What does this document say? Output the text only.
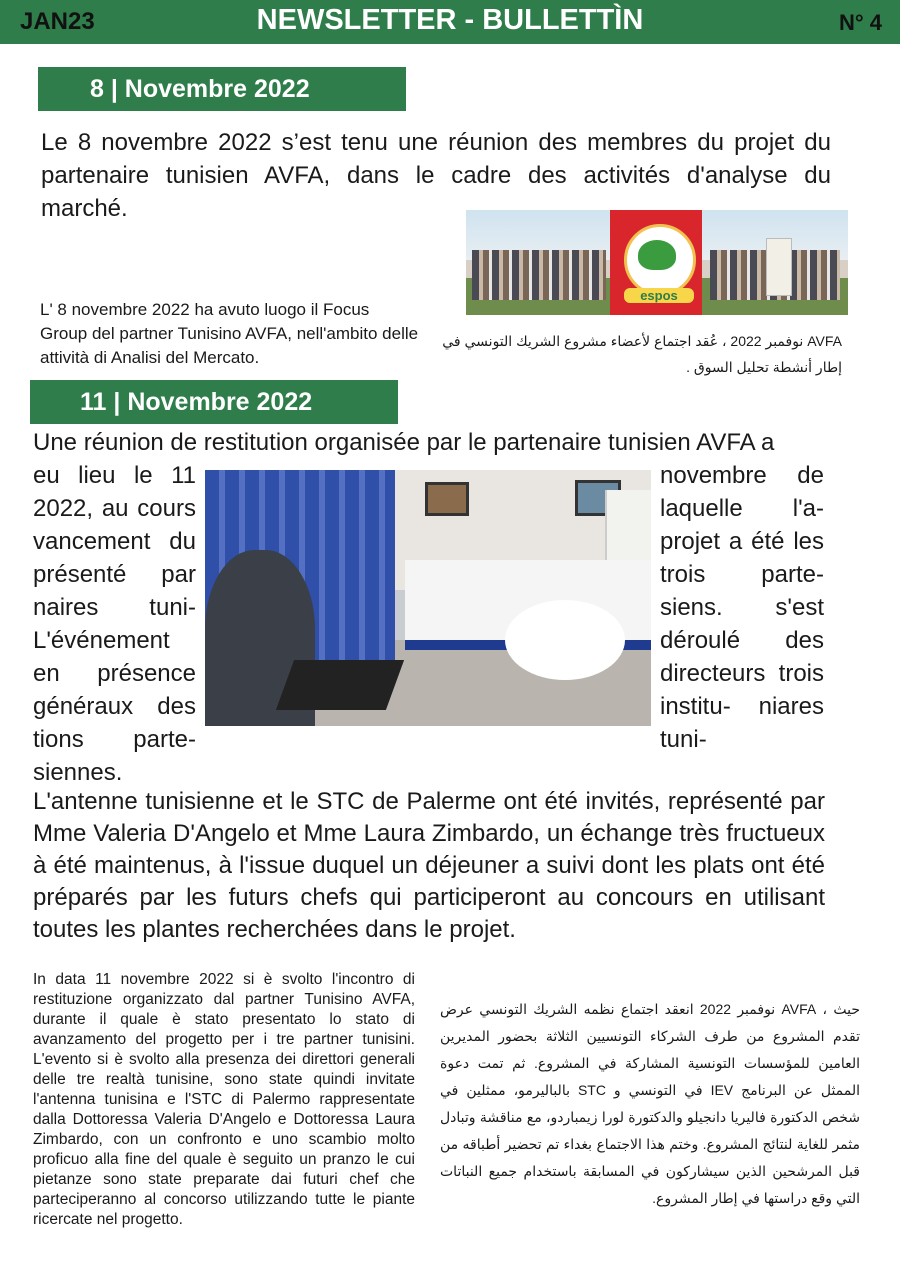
JAN23	NEWSLETTER - BULLETTÌN	N° 4
8 | Novembre 2022
Le 8 novembre 2022 s’est tenu une réunion des membres du projet du partenaire tunisien AVFA, dans le cadre des activités d'analyse du marché.
L' 8 novembre 2022 ha avuto luogo il Focus Group del partner Tunisino AVFA, nell'ambito delle attività di Analisi del Mercato.
espos
AVFA نوفمبر 2022 ، عُقد اجتماع لأعضاء مشروع الشريك التونسي في إطار أنشطة تحليل السوق .
11 | Novembre 2022
Une réunion de restitution organisée par le partenaire tunisien AVFA a
eu lieu le 11 2022, au cours vancement du présenté par naires tuni- L'événement en présence généraux des tions parte- siennes.
novembre de laquelle l'a- projet a été les trois parte- siens. s'est déroulé des directeurs trois institu- niares tuni-
L'antenne tunisienne et le STC de Palerme ont été invités, représenté par Mme Valeria D'Angelo et Mme Laura Zimbardo, un échange très fructueux à été maintenus, à l'issue duquel un déjeuner a suivi dont les plats ont été préparés par les futurs chefs qui participeront au concours en utilisant toutes les plantes recherchées dans le projet.
In data 11 novembre 2022 si è svolto l'incontro di restituzione organizzato dal partner Tunisino AVFA, durante il quale è stato presentato lo stato di avanzamento del progetto per i tre partner tunisini. L'evento si è svolto alla presenza dei direttori generali delle tre realtà tunisine, sono state quindi invitate l'antenna tunisina e l'STC di Palermo rappresentate dalla Dottoressa Valeria D'Angelo e Dottoressa Laura Zimbardo, con un confronto e uno scambio molto proficuo alla fine del quale è seguito un pranzo le cui pietanze sono state preparate dai futuri chef che parteciperanno al concorso utilizzando tutte le piante ricercate nel progetto.
حيث ، AVFA نوفمبر 2022 انعقد اجتماع نظمه الشريك التونسي عرض تقدم المشروع من طرف الشركاء التونسيين الثلاثة بحضور المديرين العامين للمؤسسات التونسية المشاركة في المشروع. ثم تمت دعوة الممثل عن البرنامج IEV في التونسي و STC بالباليرمو، ممثلين في شخص الدكتورة فاليريا دانجيلو والدكتورة لورا زيمباردو، مع مناقشة وتبادل مثمر للغاية لنتائج المشروع. وختم هذا الاجتماع بغداء تم تحضير أطباقه من قبل المرشحين الذين سيشاركون في المسابقة باستخدام جميع النباتات التي وقع دراستها في إطار المشروع.
